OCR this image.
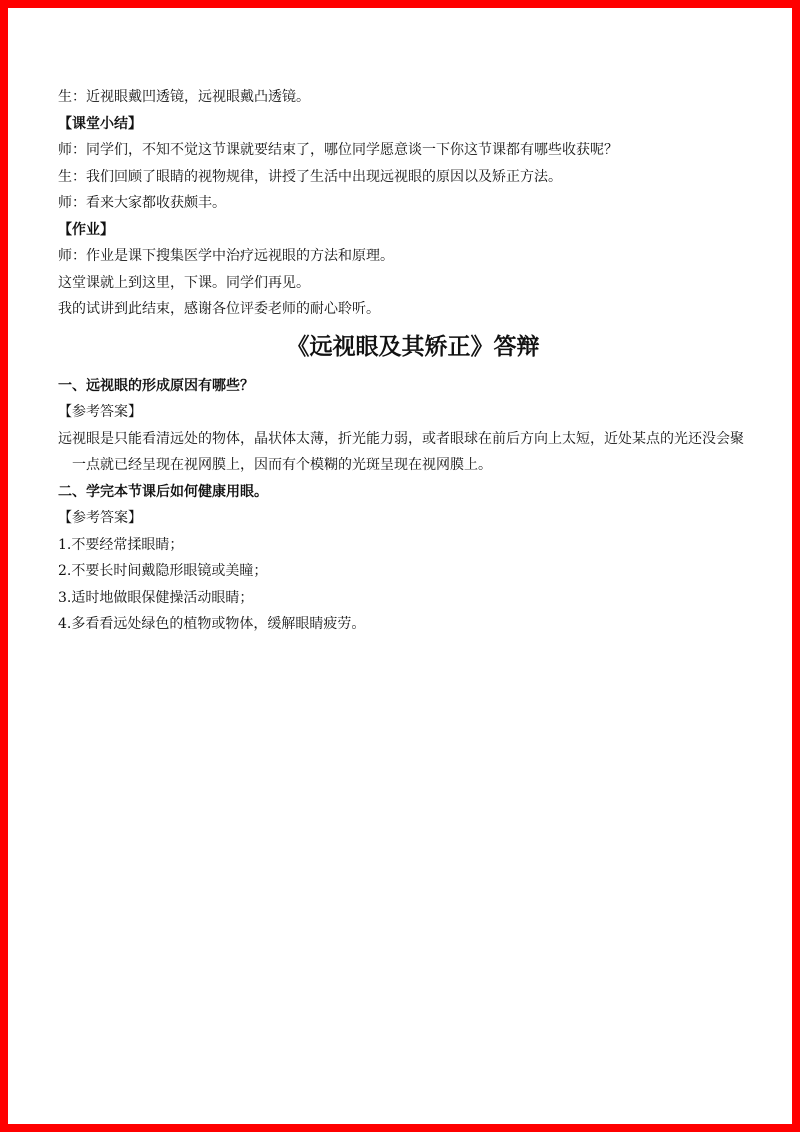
生：近视眼戴凹透镜，远视眼戴凸透镜。

【课堂小结】

师：同学们，不知不觉这节课就要结束了，哪位同学愿意谈一下你这节课都有哪些收获呢？

生：我们回顾了眼睛的视物规律，讲授了生活中出现远视眼的原因以及矫正方法。

师：看来大家都收获颇丰。

【作业】

师：作业是课下搜集医学中治疗远视眼的方法和原理。

这堂课就上到这里，下课。同学们再见。

我的试讲到此结束，感谢各位评委老师的耐心聆听。

《远视眼及其矫正》答辩

一、远视眼的形成原因有哪些？

【参考答案】

远视眼是只能看清远处的物体，晶状体太薄，折光能力弱，或者眼球在前后方向上太短，近处某点的光还没会聚

一点就已经呈现在视网膜上，因而有个模糊的光斑呈现在视网膜上。

二、学完本节课后如何健康用眼。

【参考答案】

1.不要经常揉眼睛；

2.不要长时间戴隐形眼镜或美瞳；

3.适时地做眼保健操活动眼睛；

4.多看看远处绿色的植物或物体，缓解眼睛疲劳。
